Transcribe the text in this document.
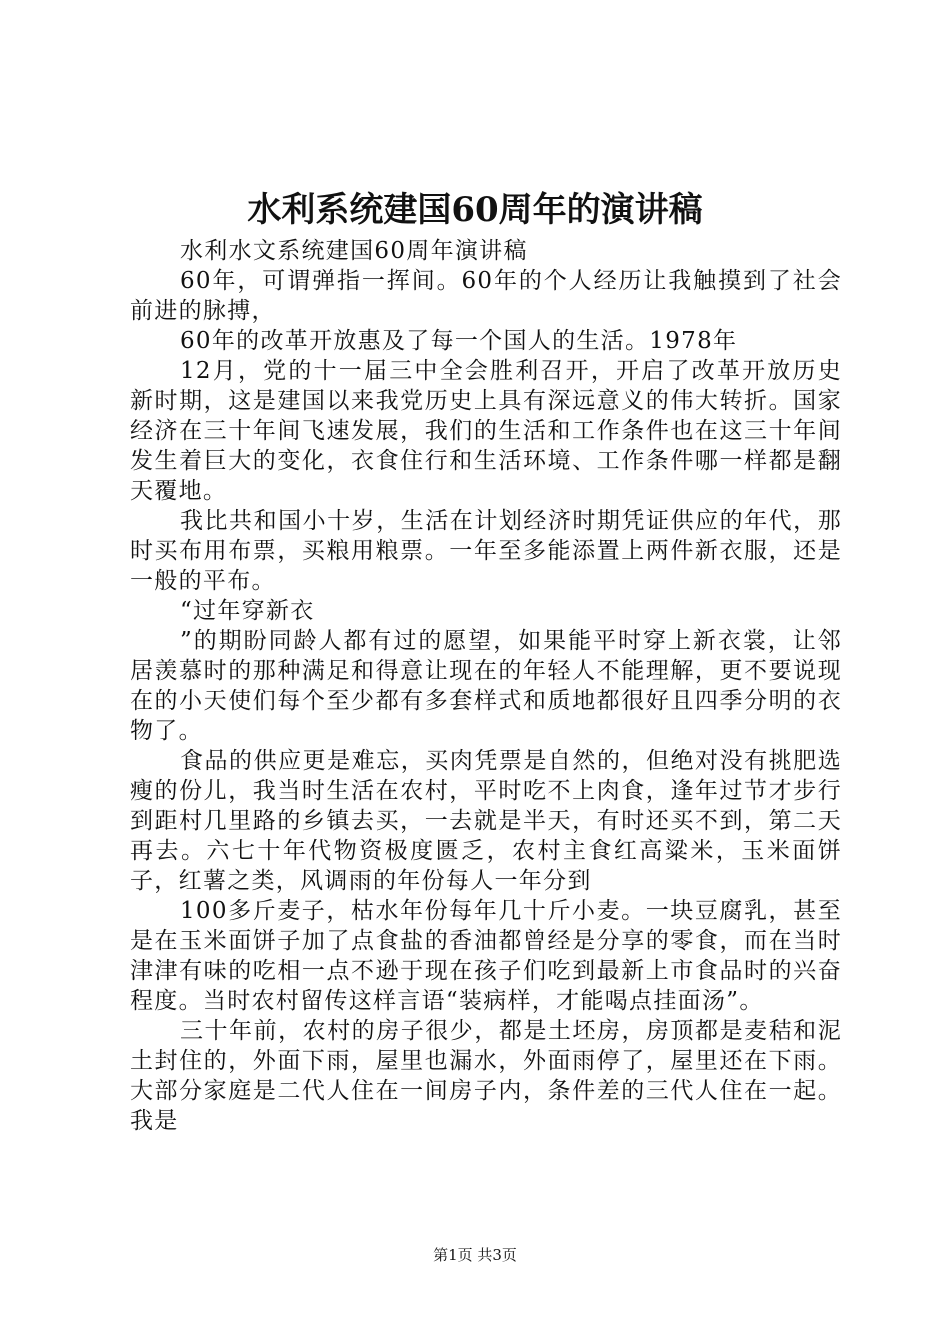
水利系统建国60周年的演讲稿

水利水文系统建国60周年演讲稿

60年，可谓弹指一挥间。60年的个人经历让我触摸到了社会前进的脉搏，

60年的改革开放惠及了每一个国人的生活。1978年

12月，党的十一届三中全会胜利召开，开启了改革开放历史新时期，这是建国以来我党历史上具有深远意义的伟大转折。国家经济在三十年间飞速发展，我们的生活和工作条件也在这三十年间发生着巨大的变化，衣食住行和生活环境、工作条件哪一样都是翻天覆地。

我比共和国小十岁，生活在计划经济时期凭证供应的年代，那时买布用布票，买粮用粮票。一年至多能添置上两件新衣服，还是一般的平布。

“过年穿新衣

”的期盼同龄人都有过的愿望，如果能平时穿上新衣裳，让邻居羡慕时的那种满足和得意让现在的年轻人不能理解，更不要说现在的小天使们每个至少都有多套样式和质地都很好且四季分明的衣物了。

食品的供应更是难忘，买肉凭票是自然的，但绝对没有挑肥选瘦的份儿，我当时生活在农村，平时吃不上肉食，逢年过节才步行到距村几里路的乡镇去买，一去就是半天，有时还买不到，第二天再去。六七十年代物资极度匮乏，农村主食红高粱米，玉米面饼子，红薯之类，风调雨的年份每人一年分到

100多斤麦子，枯水年份每年几十斤小麦。一块豆腐乳，甚至是在玉米面饼子加了点食盐的香油都曾经是分享的零食，而在当时津津有味的吃相一点不逊于现在孩子们吃到最新上市食品时的兴奋程度。当时农村留传这样言语“装病样，才能喝点挂面汤”。

三十年前，农村的房子很少，都是土坯房，房顶都是麦秸和泥土封住的，外面下雨，屋里也漏水，外面雨停了，屋里还在下雨。大部分家庭是二代人住在一间房子内，条件差的三代人住在一起。我是

第1页 共3页
